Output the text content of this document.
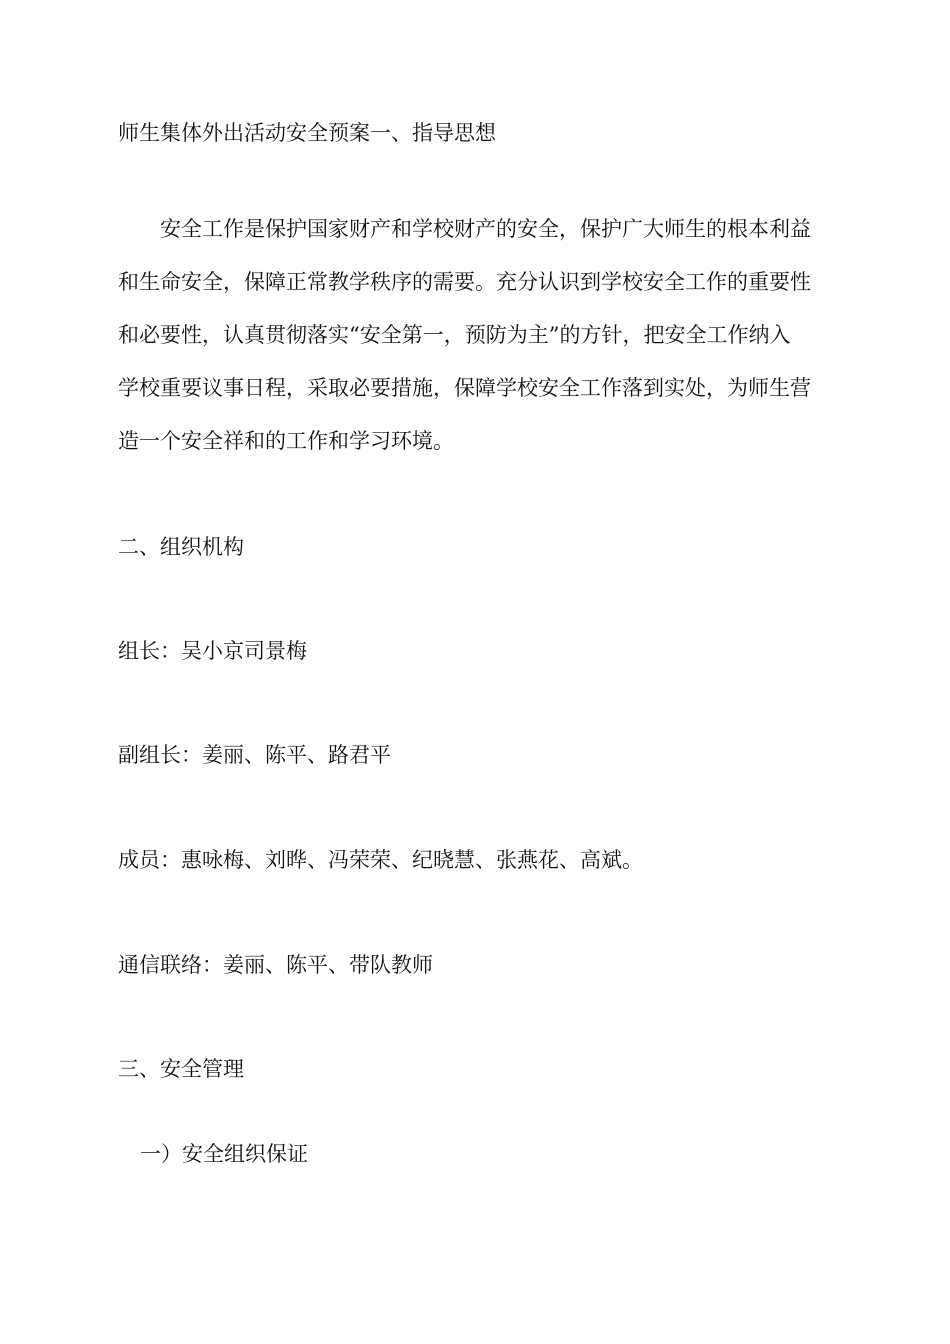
师生集体外出活动安全预案一、指导思想
安全工作是保护国家财产和学校财产的安全，保护广大师生的根本利益
和生命安全，保障正常教学秩序的需要。充分认识到学校安全工作的重要性
和必要性，认真贯彻落实“安全第一，预防为主”的方针，把安全工作纳入
学校重要议事日程，采取必要措施，保障学校安全工作落到实处，为师生营
造一个安全祥和的工作和学习环境。
二、组织机构
组长：吴小京司景梅
副组长：姜丽、陈平、路君平
成员：惠咏梅、刘晔、冯荣荣、纪晓慧、张燕花、高斌。
通信联络：姜丽、陈平、带队教师
三、安全管理
一）安全组织保证
